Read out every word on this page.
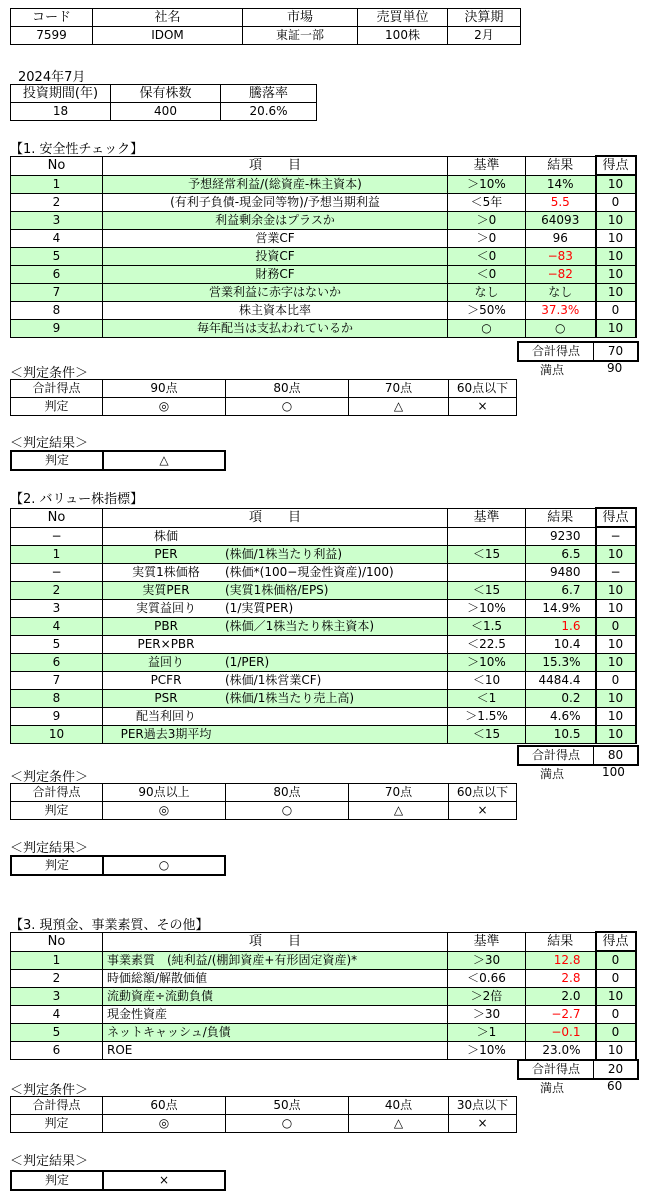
コード	社名	市場	売買単位	決算期
7599	IDOM	東証一部	100株	2月
2024年7月
投資期間(年)	保有株数	騰落率
18	400	20.6%
【1. 安全性チェック】
No	項　　目	基準	結果	得点
1	予想経常利益/(総資産-株主資本)	＞10%	14%	10
2	(有利子負債-現金同等物)/予想当期利益	＜5年	5.5	0
3	利益剰余金はプラスか	＞0	64093	10
4	営業CF	＞0	96	10
5	投資CF	＜0	−83	10
6	財務CF	＜0	−82	10
7	営業利益に赤字はないか	なし	なし	10
8	株主資本比率	＞50%	37.3%	0
9	毎年配当は支払われているか	○	○	10
合計得点	70
満点	90
＜判定条件＞
合計得点	90点	80点	70点	60点以下
判定	◎	○	△	×
＜判定結果＞
判定	△
【2. バリュー株指標】
No	項　　目	基準	結果	得点
−	株価		9230	−
1	PER (株価/1株当たり利益)	＜15	6.5	10
−	実質1株価格 (株価*(100−現金性資産)/100)		9480	−
2	実質PER (実質1株価格/EPS)	＜15	6.7	10
3	実質益回り (1/実質PER)	＞10%	14.9%	10
4	PBR (株価／1株当たり株主資本)	＜1.5	1.6	0
5	PER×PBR	＜22.5	10.4	10
6	益回り (1/PER)	＞10%	15.3%	10
7	PCFR (株価/1株営業CF)	＜10	4484.4	0
8	PSR (株価/1株当たり売上高)	＜1	0.2	10
9	配当利回り	＞1.5%	4.6%	10
10	PER過去3期平均	＜15	10.5	10
合計得点	80
満点	100
＜判定条件＞
合計得点	90点以上	80点	70点	60点以下
判定	◎	○	△	×
＜判定結果＞
判定	○
【3. 現預金、事業素質、その他】
No	項　　目	基準	結果	得点
1	事業素質　(純利益/(棚卸資産+有形固定資産)*	＞30	12.8	0
2	時価総額/解散価値	＜0.66	2.8	0
3	流動資産÷流動負債	＞2倍	2.0	10
4	現金性資産	＞30	−2.7	0
5	ネットキャッシュ/負債	＞1	−0.1	0
6	ROE	＞10%	23.0%	10
合計得点	20
満点	60
＜判定条件＞
合計得点	60点	50点	40点	30点以下
判定	◎	○	△	×
＜判定結果＞
判定	×
